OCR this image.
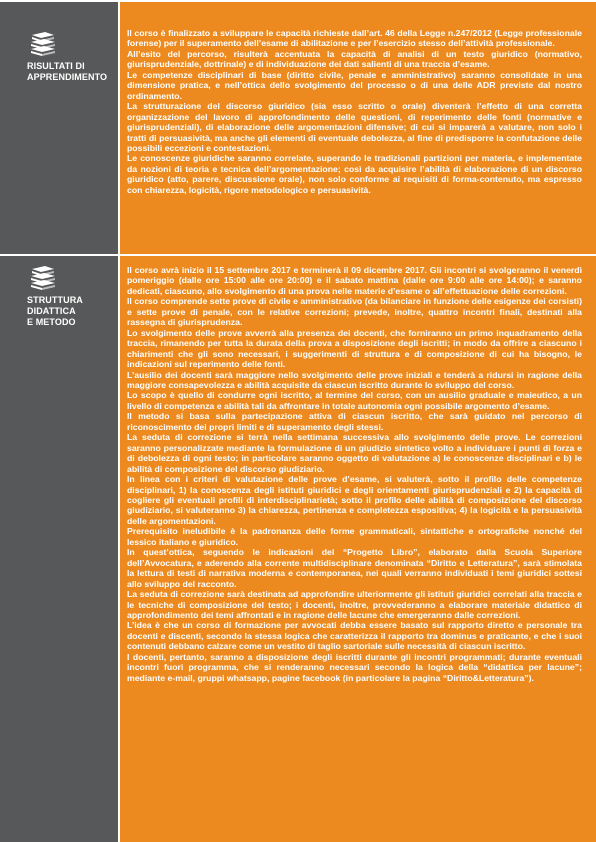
RISULTATI DI
APPRENDIMENTO

Il corso è finalizzato a sviluppare le capacità richieste dall’art. 46 della Legge n.247/2012 (Legge professionale forense) per il superamento dell’esame di abilitazione e per l’esercizio stesso dell’attività professionale.

All’esito del percorso, risulterà accentuata la capacità di analisi di un testo giuridico (normativo, giurisprudenziale, dottrinale) e di individuazione dei dati salienti di una traccia d’esame.

Le competenze disciplinari di base (diritto civile, penale e amministrativo) saranno consolidate in una dimensione pratica, e nell’ottica dello svolgimento del processo o di una delle ADR previste dal nostro ordinamento.

La strutturazione del discorso giuridico (sia esso scritto o orale) diventerà l’effetto di una corretta organizzazione del lavoro di approfondimento delle questioni, di reperimento delle fonti (normative e giurisprudenziali), di elaborazione delle argomentazioni difensive; di cui si imparerà a valutare, non solo i tratti di persuasività, ma anche gli elementi di eventuale debolezza, al fine di predisporre la confutazione delle possibili eccezioni e contestazioni.

Le conoscenze giuridiche saranno correlate, superando le tradizionali partizioni per materia, e implementate da nozioni di teoria e tecnica dell’argomentazione; così da acquisire l’abilità di elaborazione di un discorso giuridico (atto, parere, discussione orale), non solo conforme ai requisiti di forma-contenuto, ma espresso con chiarezza, logicità, rigore metodologico e persuasività.

STRUTTURA
DIDATTICA
E METODO

Il corso avrà inizio il 15 settembre 2017 e terminerà il 09 dicembre 2017. Gli incontri si svolgeranno il venerdì pomeriggio (dalle ore 15:00 alle ore 20:00) e il sabato mattina (dalle ore 9:00 alle ore 14:00); e saranno dedicati, ciascuno, allo svolgimento di una prova nelle materie d’esame o all’effettuazione delle correzioni.

Il corso comprende sette prove di civile e amministrativo (da bilanciare in funzione delle esigenze dei corsisti) e sette prove di penale, con le relative correzioni; prevede, inoltre, quattro incontri finali, destinati alla rassegna di giurisprudenza.

Lo svolgimento delle prove avverrà alla presenza dei docenti, che forniranno un primo inquadramento della traccia, rimanendo per tutta la durata della prova a disposizione degli iscritti; in modo da offrire a ciascuno i chiarimenti che gli sono necessari, i suggerimenti di struttura e di composizione di cui ha bisogno, le indicazioni sul reperimento delle fonti.

L’ausilio dei docenti sarà maggiore nello svolgimento delle prove iniziali e tenderà a ridursi in ragione della maggiore consapevolezza e abilità acquisite da ciascun iscritto durante lo sviluppo del corso.

Lo scopo è quello di condurre ogni iscritto, al termine del corso, con un ausilio graduale e maieutico, a un livello di competenza e abilità tali da affrontare in totale autonomia ogni possibile argomento d’esame.

Il metodo si basa sulla partecipazione attiva di ciascun iscritto, che sarà guidato nel percorso di riconoscimento dei propri limiti e di superamento degli stessi.

La seduta di correzione si terrà nella settimana successiva allo svolgimento delle prove. Le correzioni saranno personalizzate mediante la formulazione di un giudizio sintetico volto a individuare i punti di forza e di debolezza di ogni testo; in particolare saranno oggetto di valutazione a) le conoscenze disciplinari e b) le abilità di composizione del discorso giudiziario.

In linea con i criteri di valutazione delle prove d’esame, si valuterà, sotto il profilo delle competenze disciplinari, 1) la conoscenza degli istituti giuridici e degli orientamenti giurisprudenziali e 2) la capacità di cogliere gli eventuali profili di interdisciplinarietà; sotto il profilo delle abilità di composizione del discorso giudiziario, si valuteranno 3) la chiarezza, pertinenza e completezza espositiva; 4) la logicità e la persuasività delle argomentazioni.

Prerequisito ineludibile è la padronanza delle forme grammaticali, sintattiche e ortografiche nonché del lessico italiano e giuridico.

In quest’ottica, seguendo le indicazioni del “Progetto Libro”, elaborato dalla Scuola Superiore dell’Avvocatura, e aderendo alla corrente multidisciplinare denominata “Diritto e Letteratura”, sarà stimolata la lettura di testi di narrativa moderna e contemporanea, nei quali verranno individuati i temi giuridici sottesi allo sviluppo del racconto.

La seduta di correzione sarà destinata ad approfondire ulteriormente gli istituti giuridici correlati alla traccia e le tecniche di composizione del testo; i docenti, inoltre, provvederanno a elaborare materiale didattico di approfondimento dei temi affrontati e in ragione delle lacune che emergeranno dalle correzioni.

L’idea è che un corso di formazione per avvocati debba essere basato sul rapporto diretto e personale tra docenti e discenti, secondo la stessa logica che caratterizza il rapporto tra dominus e praticante, e che i suoi contenuti debbano calzare come un vestito di taglio sartoriale sulle necessità di ciascun iscritto.

I docenti, pertanto, saranno a disposizione degli iscritti durante gli incontri programmati; durante eventuali incontri fuori programma, che si renderanno necessari secondo la logica della “didattica per lacune”; mediante e-mail, gruppi whatsapp, pagine facebook (in particolare la pagina “Diritto&Letteratura”).
